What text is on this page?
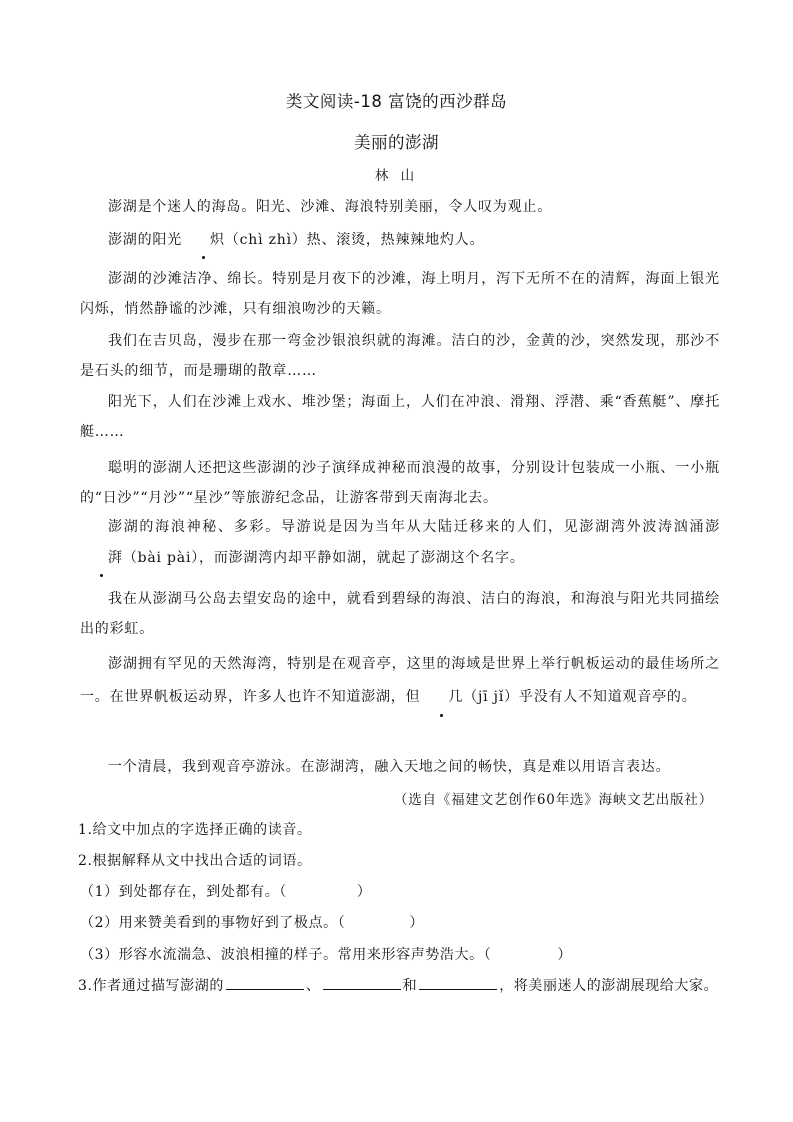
类文阅读-18 富饶的西沙群岛
美丽的澎湖
林 山
澎湖是个迷人的海岛。阳光、沙滩、海浪特别美丽，令人叹为观止。
澎湖的阳光 炽（chì zhì）热、滚烫，热辣辣地灼人。
澎湖的沙滩洁净、绵长。特别是月夜下的沙滩，海上明月，泻下无所不在的清辉，海面上银光闪烁，悄然静谧的沙滩，只有细浪吻沙的天籁。
我们在吉贝岛，漫步在那一弯金沙银浪织就的海滩。洁白的沙，金黄的沙，突然发现，那沙不是石头的细节，而是珊瑚的散章……
阳光下，人们在沙滩上戏水、堆沙堡；海面上，人们在冲浪、滑翔、浮潜、乘“香蕉艇”、摩托艇……
聪明的澎湖人还把这些澎湖的沙子演绎成神秘而浪漫的故事，分别设计包装成一小瓶、一小瓶的“日沙”“月沙”“星沙”等旅游纪念品，让游客带到天南海北去。
澎湖的海浪神秘、多彩。导游说是因为当年从大陆迁移来的人们，见澎湖湾外波涛汹涌澎湃（bài pài），而澎湖湾内却平静如湖，就起了澎湖这个名字。
我在从澎湖马公岛去望安岛的途中，就看到碧绿的海浪、洁白的海浪，和海浪与阳光共同描绘出的彩虹。
澎湖拥有罕见的天然海湾，特别是在观音亭，这里的海域是世界上举行帆板运动的最佳场所之一。在世界帆板运动界，许多人也许不知道澎湖，但 几（jī jǐ）乎没有人不知道观音亭的。
一个清晨，我到观音亭游泳。在澎湖湾，融入天地之间的畅快，真是难以用语言表达。
（选自《福建文艺创作60年选》海峡文艺出版社）
1.给文中加点的字选择正确的读音。
2.根据解释从文中找出合适的词语。
（1）到处都存在，到处都有。（	）
（2）用来赞美看到的事物好到了极点。（	）
（3）形容水流湍急、波浪相撞的样子。常用来形容声势浩大。（	）
3.作者通过描写澎湖的	、	和	，将美丽迷人的澎湖展现给大家。
